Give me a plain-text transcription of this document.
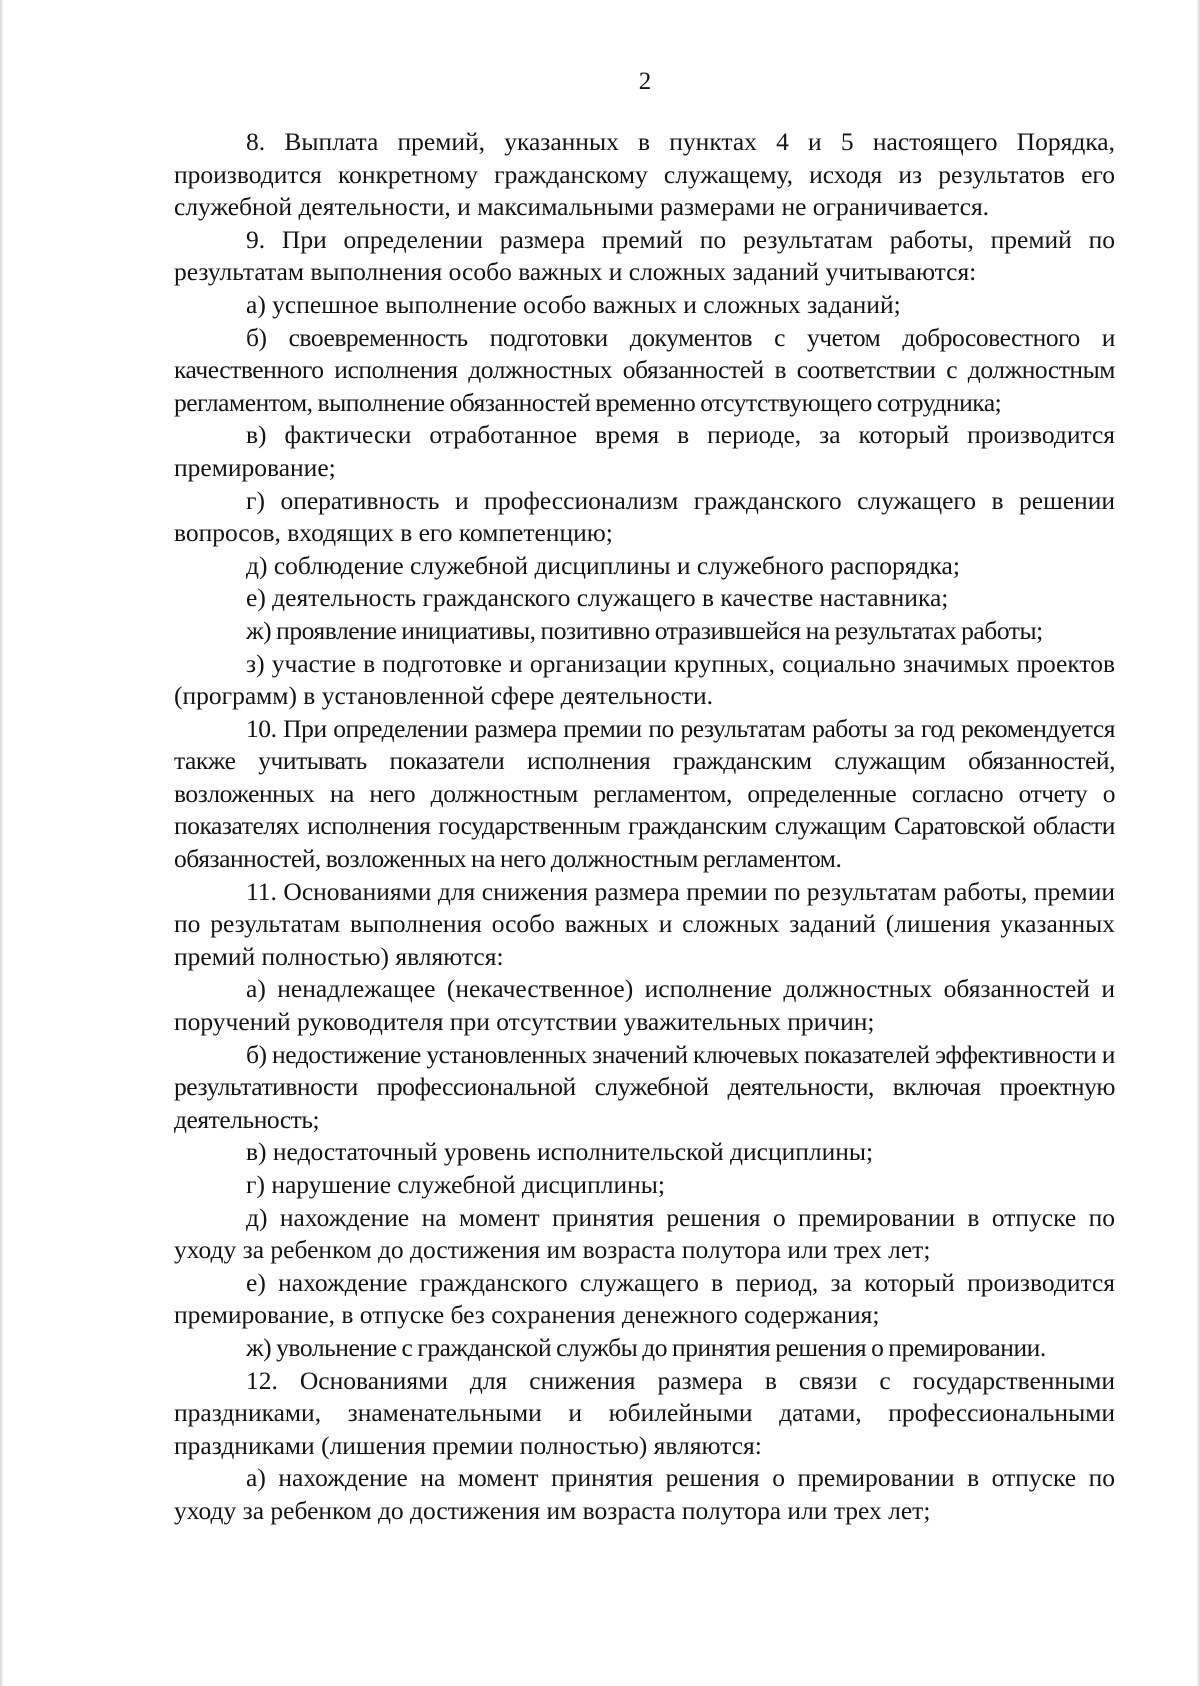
2

8. Выплата премий, указанных в пунктах 4 и 5 настоящего Порядка, производится конкретному гражданскому служащему, исходя из результатов его служебной деятельности, и максимальными размерами не ограничивается.

9. При определении размера премий по результатам работы, премий по результатам выполнения особо важных и сложных заданий учитываются:

а) успешное выполнение особо важных и сложных заданий;

б) своевременность подготовки документов с учетом добросовестного и качественного исполнения должностных обязанностей в соответствии с должностным регламентом, выполнение обязанностей временно отсутствующего сотрудника;

в) фактически отработанное время в периоде, за который производится премирование;

г) оперативность и профессионализм гражданского служащего в решении вопросов, входящих в его компетенцию;

д) соблюдение служебной дисциплины и служебного распорядка;

е) деятельность гражданского служащего в качестве наставника;

ж) проявление инициативы, позитивно отразившейся на результатах работы;

з) участие в подготовке и организации крупных, социально значимых проектов (программ) в установленной сфере деятельности.

10. При определении размера премии по результатам работы за год рекомендуется также учитывать показатели исполнения гражданским служащим обязанностей, возложенных на него должностным регламентом, определенные согласно отчету о показателях исполнения государственным гражданским служащим Саратовской области обязанностей, возложенных на него должностным регламентом.

11. Основаниями для снижения размера премии по результатам работы, премии по результатам выполнения особо важных и сложных заданий (лишения указанных премий полностью) являются:

а) ненадлежащее (некачественное) исполнение должностных обязанностей и поручений руководителя при отсутствии уважительных причин;

б) недостижение установленных значений ключевых показателей эффективности и результативности профессиональной служебной деятельности, включая проектную деятельность;

в) недостаточный уровень исполнительской дисциплины;

г) нарушение служебной дисциплины;

д) нахождение на момент принятия решения о премировании в отпуске по уходу за ребенком до достижения им возраста полутора или трех лет;

е) нахождение гражданского служащего в период, за который производится премирование, в отпуске без сохранения денежного содержания;

ж) увольнение с гражданской службы до принятия решения о премировании.

12. Основаниями для снижения размера в связи с государственными праздниками, знаменательными и юбилейными датами, профессиональными праздниками (лишения премии полностью) являются:

а) нахождение на момент принятия решения о премировании в отпуске по уходу за ребенком до достижения им возраста полутора или трех лет;
